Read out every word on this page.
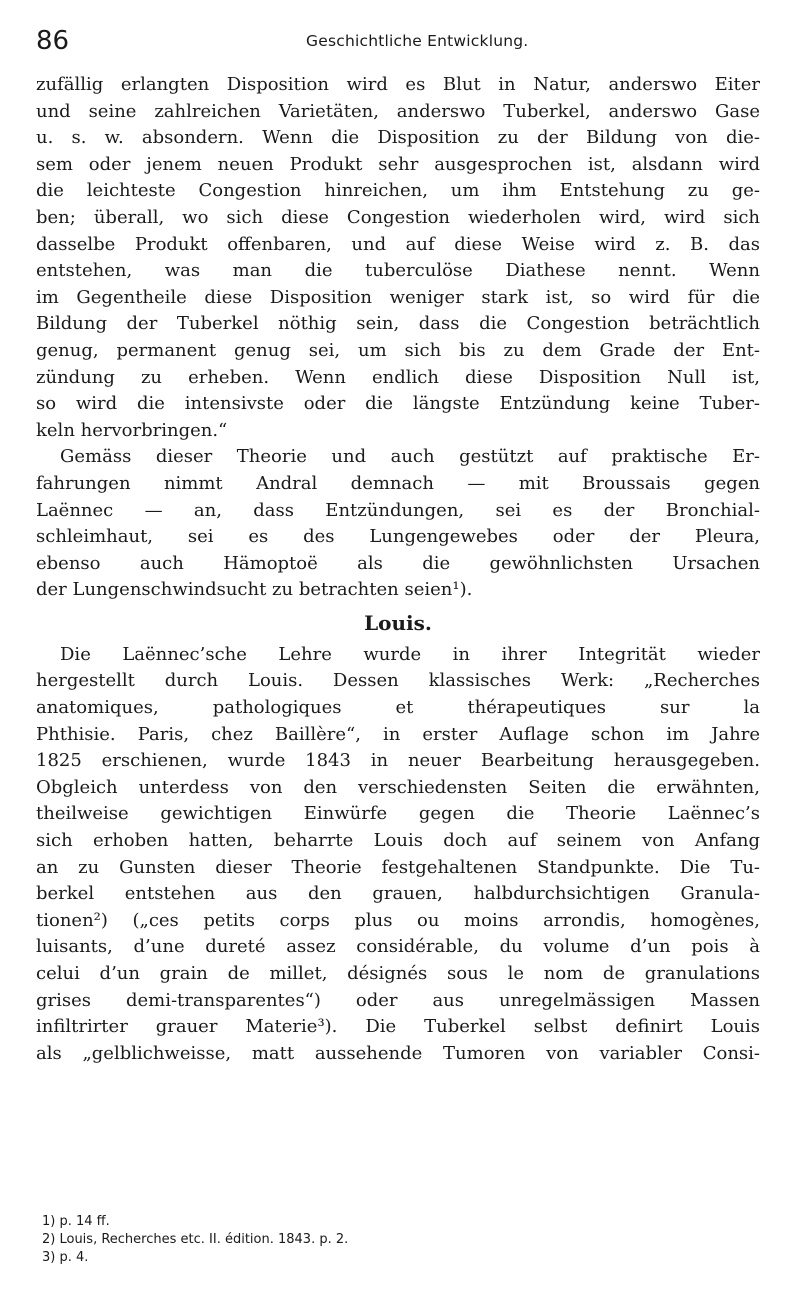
86	Geschichtliche Entwicklung.
zufällig erlangten Disposition wird es Blut in Natur, anderswo Eiter
und seine zahlreichen Varietäten, anderswo Tuberkel, anderswo Gase
u. s. w. absondern. Wenn die Disposition zu der Bildung von die-
sem oder jenem neuen Produkt sehr ausgesprochen ist, alsdann wird
die leichteste Congestion hinreichen, um ihm Entstehung zu ge-
ben; überall, wo sich diese Congestion wiederholen wird, wird sich
dasselbe Produkt offenbaren, und auf diese Weise wird z. B. das
entstehen, was man die tuberculöse Diathese nennt. Wenn
im Gegentheile diese Disposition weniger stark ist, so wird für die
Bildung der Tuberkel nöthig sein, dass die Congestion beträchtlich
genug, permanent genug sei, um sich bis zu dem Grade der Ent-
zündung zu erheben. Wenn endlich diese Disposition Null ist,
so wird die intensivste oder die längste Entzündung keine Tuber-
keln hervorbringen.“
Gemäss dieser Theorie und auch gestützt auf praktische Er-
fahrungen nimmt Andral demnach — mit Broussais gegen
Laënnec — an, dass Entzündungen, sei es der Bronchial-
schleimhaut, sei es des Lungengewebes oder der Pleura,
ebenso auch Hämoptoë als die gewöhnlichsten Ursachen
der Lungenschwindsucht zu betrachten seien¹).
Louis.
Die Laënnec’sche Lehre wurde in ihrer Integrität wieder
hergestellt durch Louis. Dessen klassisches Werk: „Recherches
anatomiques, pathologiques et thérapeutiques sur la
Phthisie. Paris, chez Baillère“, in erster Auflage schon im Jahre
1825 erschienen, wurde 1843 in neuer Bearbeitung herausgegeben.
Obgleich unterdess von den verschiedensten Seiten die erwähnten,
theilweise gewichtigen Einwürfe gegen die Theorie Laënnec’s
sich erhoben hatten, beharrte Louis doch auf seinem von Anfang
an zu Gunsten dieser Theorie festgehaltenen Standpunkte. Die Tu-
berkel entstehen aus den grauen, halbdurchsichtigen Granula-
tionen²) („ces petits corps plus ou moins arrondis, homogènes,
luisants, d’une dureté assez considérable, du volume d’un pois à
celui d’un grain de millet, désignés sous le nom de granulations
grises demi-transparentes“) oder aus unregelmässigen Massen
infiltrirter grauer Materie³). Die Tuberkel selbst definirt Louis
als „gelblichweisse, matt aussehende Tumoren von variabler Consi-
1) p. 14 ff.
2) Louis, Recherches etc. II. édition. 1843. p. 2.
3) p. 4.
